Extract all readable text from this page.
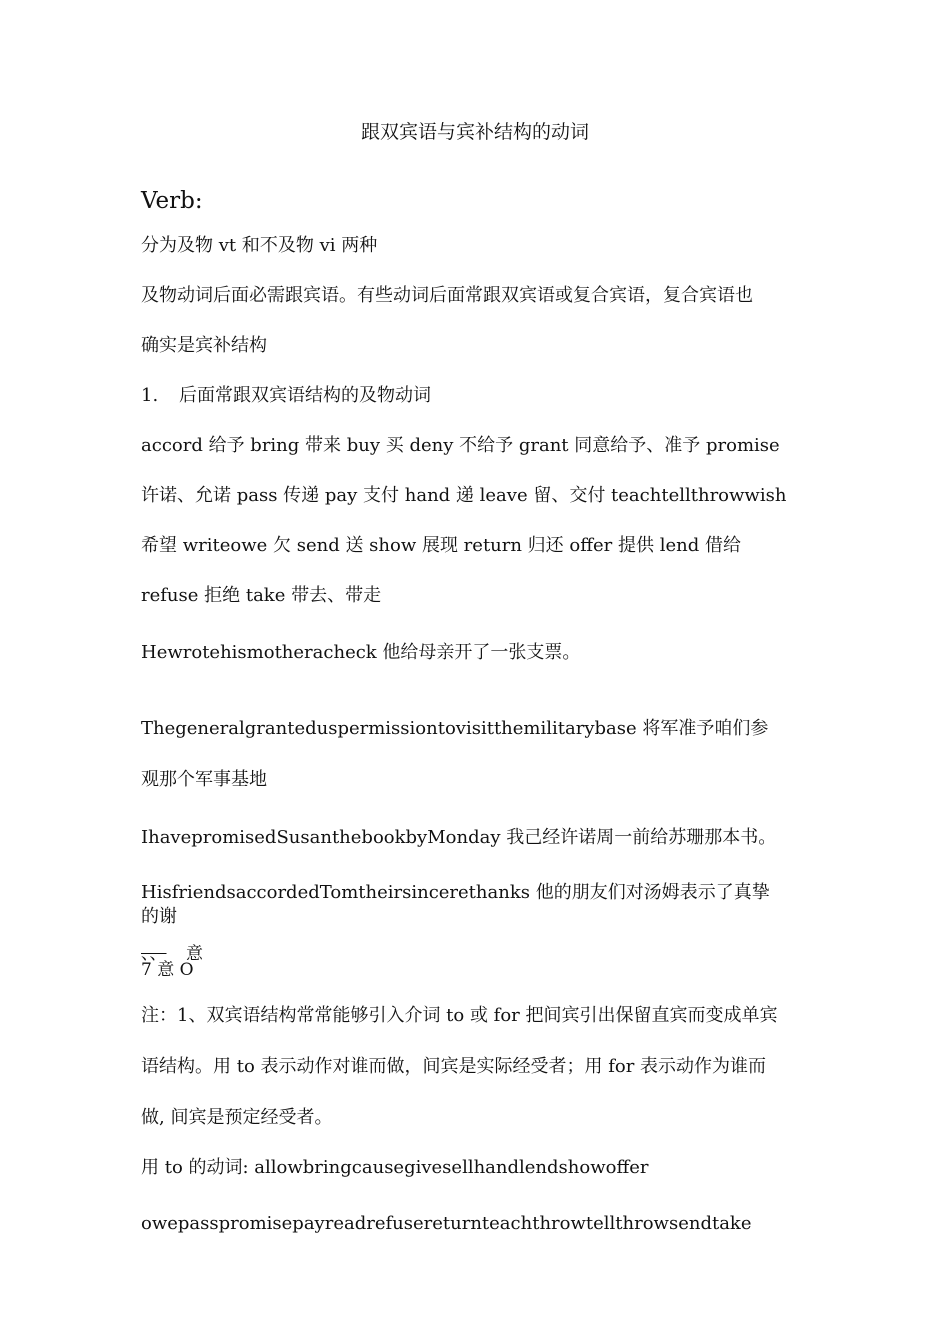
跟双宾语与宾补结构的动词
Verb:
分为及物 vt 和不及物 vi 两种
及物动词后面必需跟宾语。有些动词后面常跟双宾语或复合宾语，复合宾语也
确实是宾补结构
1. 后面常跟双宾语结构的及物动词
accord 给予 bring 带来 buy 买 deny 不给予 grant 同意给予、准予 promise
许诺、允诺 pass 传递 pay 支付 hand 递 leave 留、交付 teachtellthrowwish
希望 writeowe 欠 send 送 show 展现 return 归还 offer 提供 lend 借给
refuse 拒绝 take 带去、带走
Hewrotehismotheracheck 他给母亲开了一张支票。
Thegeneralgranteduspermissiontovisitthemilitarybase 将军准予咱们参
观那个军事基地
IhavepromisedSusanthebookbyMonday 我己经许诺周一前给苏珊那本书。
HisfriendsaccordedTomtheirsincerethanks 他的朋友们对汤姆表示了真挚
的谢
、、 意
7 意 O
注：1、双宾语结构常常能够引入介词 to 或 for 把间宾引出保留直宾而变成单宾
语结构。用 to 表示动作对谁而做，间宾是实际经受者；用 for 表示动作为谁而
做, 间宾是预定经受者。
用 to 的动词: allowbringcausegivesellhandlendshowoffer
owepasspromisepayreadrefusereturnteachthrowtellthrowsendtake
